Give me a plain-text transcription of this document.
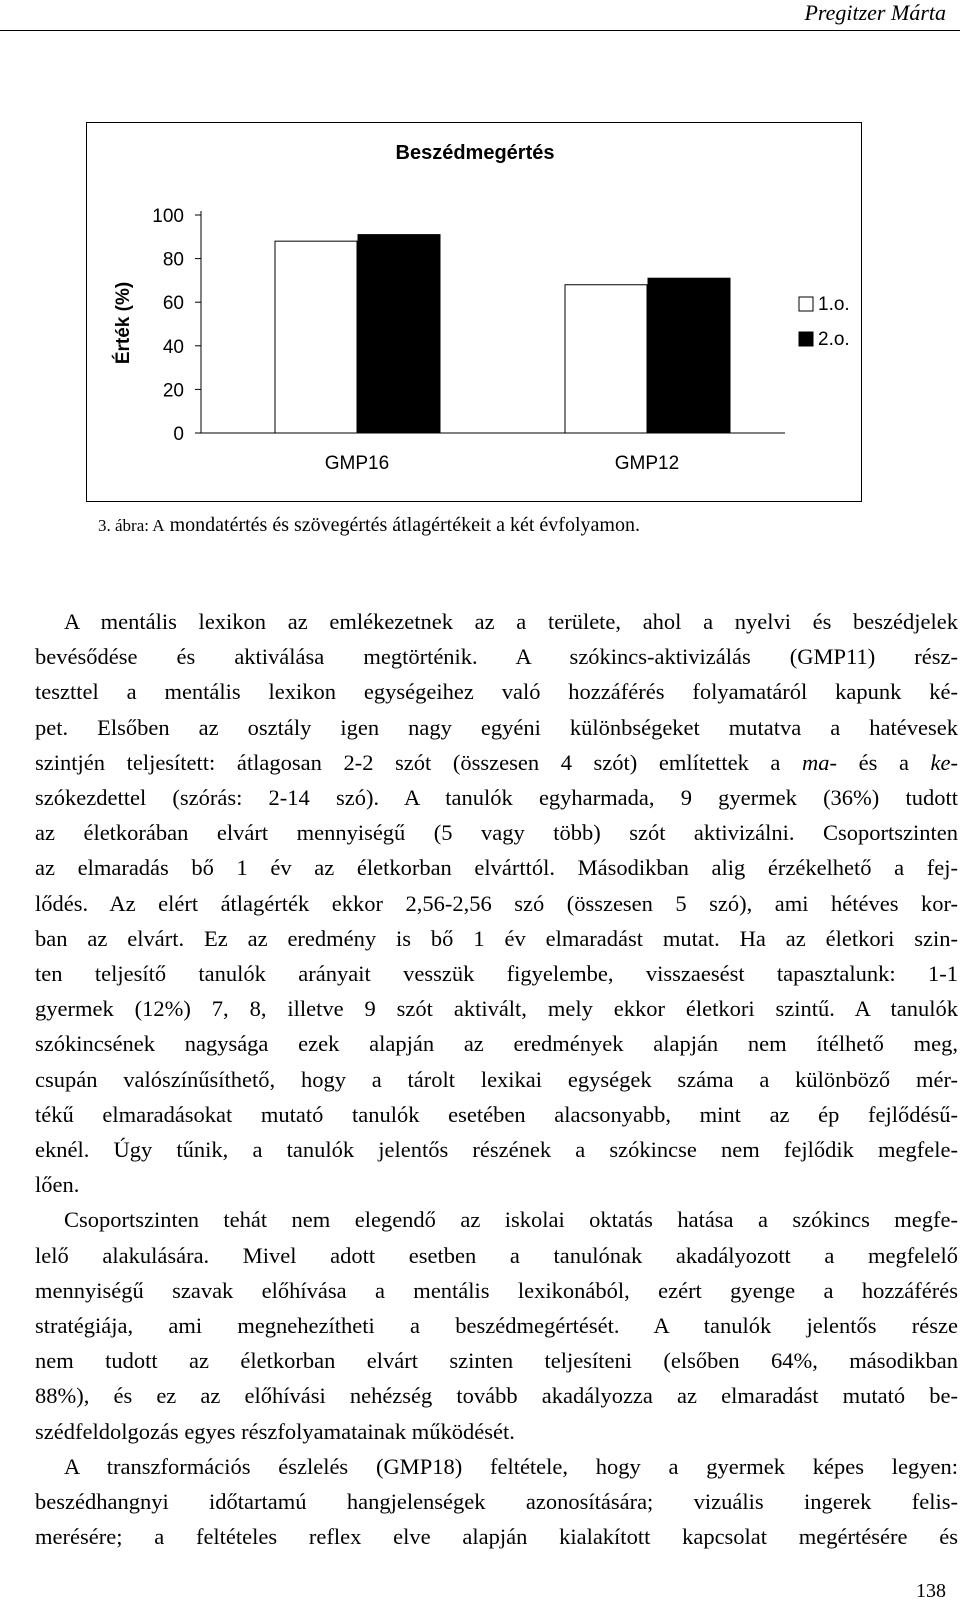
Pregitzer Márta
Beszédmegértés
Érték (%)
100
80
60
40
20
0
GMP16	GMP12
1.o.
2.o.
3. ábra: A mondatértés és szövegértés átlagértékeit a két évfolyamon.

A mentális lexikon az emlékezetnek az a területe, ahol a nyelvi és beszédjelek
bevésődése és aktiválása megtörténik. A szókincs-aktivizálás (GMP11) rész-
teszttel a mentális lexikon egységeihez való hozzáférés folyamatáról kapunk ké-
pet. Elsőben az osztály igen nagy egyéni különbségeket mutatva a hatévesek
szintjén teljesített: átlagosan 2-2 szót (összesen 4 szót) említettek a ma- és a ke-
szókezdettel (szórás: 2-14 szó). A tanulók egyharmada, 9 gyermek (36%) tudott
az életkorában elvárt mennyiségű (5 vagy több) szót aktivizálni. Csoportszinten
az elmaradás bő 1 év az életkorban elvárttól. Másodikban alig érzékelhető a fej-
lődés. Az elért átlagérték ekkor 2,56-2,56 szó (összesen 5 szó), ami hétéves kor-
ban az elvárt. Ez az eredmény is bő 1 év elmaradást mutat. Ha az életkori szin-
ten teljesítő tanulók arányait vesszük figyelembe, visszaesést tapasztalunk: 1-1
gyermek (12%) 7, 8, illetve 9 szót aktivált, mely ekkor életkori szintű. A tanulók
szókincsének nagysága ezek alapján az eredmények alapján nem ítélhető meg,
csupán valószínűsíthető, hogy a tárolt lexikai egységek száma a különböző mér-
tékű elmaradásokat mutató tanulók esetében alacsonyabb, mint az ép fejlődésű-
eknél. Úgy tűnik, a tanulók jelentős részének a szókincse nem fejlődik megfele-
lően.

Csoportszinten tehát nem elegendő az iskolai oktatás hatása a szókincs megfe-
lelő alakulására. Mivel adott esetben a tanulónak akadályozott a megfelelő
mennyiségű szavak előhívása a mentális lexikonából, ezért gyenge a hozzáférés
stratégiája, ami megnehezítheti a beszédmegértését. A tanulók jelentős része
nem tudott az életkorban elvárt szinten teljesíteni (elsőben 64%, másodikban
88%), és ez az előhívási nehézség tovább akadályozza az elmaradást mutató be-
szédfeldolgozás egyes részfolyamatainak működését.

A transzformációs észlelés (GMP18) feltétele, hogy a gyermek képes legyen:
beszédhangnyi időtartamú hangjelenségek azonosítására; vizuális ingerek felis-
merésére; a feltételes reflex elve alapján kialakított kapcsolat megértésére és

138
